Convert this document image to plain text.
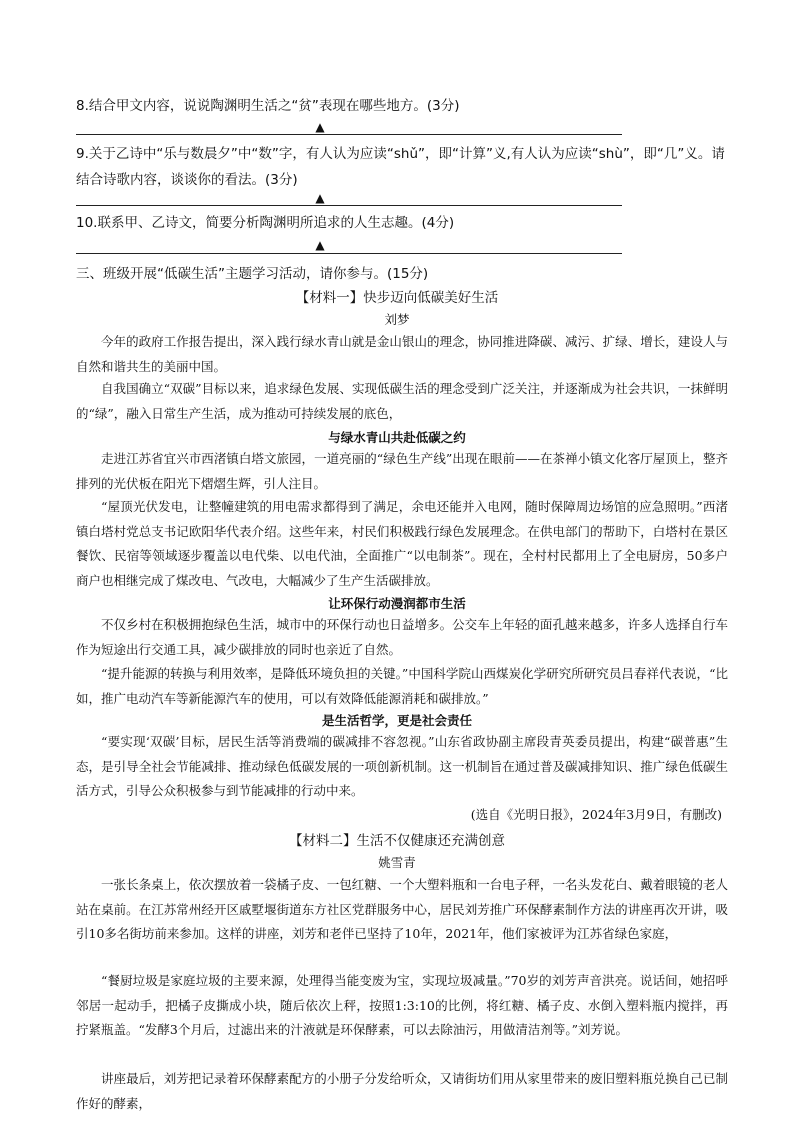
8.结合甲文内容，说说陶渊明生活之“贫”表现在哪些地方。(3分)
▲
9.关于乙诗中“乐与数晨夕”中“数”字，有人认为应读“shǔ”，即“计算”义,有人认为应读“shù”，即“几”义。请结合诗歌内容，谈谈你的看法。(3分)
▲
10.联系甲、乙诗文，简要分析陶渊明所追求的人生志趣。(4分)
▲
三、班级开展“低碳生活”主题学习活动，请你参与。(15分)
【材料一】快步迈向低碳美好生活
刘梦
今年的政府工作报告提出，深入践行绿水青山就是金山银山的理念，协同推进降碳、减污、扩绿、增长，建设人与自然和谐共生的美丽中国。
自我国确立“双碳”目标以来，追求绿色发展、实现低碳生活的理念受到广泛关注，并逐渐成为社会共识，一抹鲜明的“绿”，融入日常生产生活，成为推动可持续发展的底色，
与绿水青山共赴低碳之约
走进江苏省宜兴市西渚镇白塔文旅园，一道亮丽的“绿色生产线”出现在眼前——在茶禅小镇文化客厅屋顶上，整齐排列的光伏板在阳光下熠熠生辉，引人注目。
“屋顶光伏发电，让整幢建筑的用电需求都得到了满足，余电还能并入电网，随时保障周边场馆的应急照明。”西渚镇白塔村党总支书记欧阳华代表介绍。这些年来，村民们积极践行绿色发展理念。在供电部门的帮助下，白塔村在景区餐饮、民宿等领域逐步覆盖以电代柴、以电代油，全面推广“以电制茶”。现在，全村村民都用上了全电厨房，50多户商户也相继完成了煤改电、气改电，大幅减少了生产生活碳排放。
让环保行动漫润都市生活
不仅乡村在积极拥抱绿色生活，城市中的环保行动也日益增多。公交车上年轻的面孔越来越多，许多人选择自行车作为短途出行交通工具，减少碳排放的同时也亲近了自然。
“提升能源的转换与利用效率，是降低环境负担的关键。”中国科学院山西煤炭化学研究所研究员吕春祥代表说，“比如，推广电动汽车等新能源汽车的使用，可以有效降低能源消耗和碳排放。”
是生活哲学，更是社会责任
“要实现‘双碳’目标，居民生活等消费端的碳减排不容忽视。”山东省政协副主席段青英委员提出，构建“碳普惠”生态，是引导全社会节能减排、推动绿色低碳发展的一项创新机制。这一机制旨在通过普及碳减排知识、推广绿色低碳生活方式，引导公众积极参与到节能减排的行动中来。
(选自《光明日报》，2024年3月9日，有删改)
【材料二】生活不仅健康还充满创意
姚雪青
一张长条桌上，依次摆放着一袋橘子皮、一包红糖、一个大塑料瓶和一台电子秤，一名头发花白、戴着眼镜的老人站在桌前。在江苏常州经开区戚墅堰街道东方社区党群服务中心，居民刘芳推广环保酵素制作方法的讲座再次开讲，吸引10多名街坊前来参加。这样的讲座，刘芳和老伴已坚持了10年，2021年，他们家被评为江苏省绿色家庭，
“餐厨垃圾是家庭垃圾的主要来源，处理得当能变废为宝，实现垃圾减量。”70岁的刘芳声音洪亮。说话间，她招呼邻居一起动手，把橘子皮撕成小块，随后依次上秤，按照1:3:10的比例，将红糖、橘子皮、水倒入塑料瓶内搅拌，再拧紧瓶盖。“发酵3个月后，过滤出来的汁液就是环保酵素，可以去除油污，用做清洁剂等。”刘芳说。
讲座最后，刘芳把记录着环保酵素配方的小册子分发给听众，又请街坊们用从家里带来的废旧塑料瓶兑换自己已制作好的酵素，
